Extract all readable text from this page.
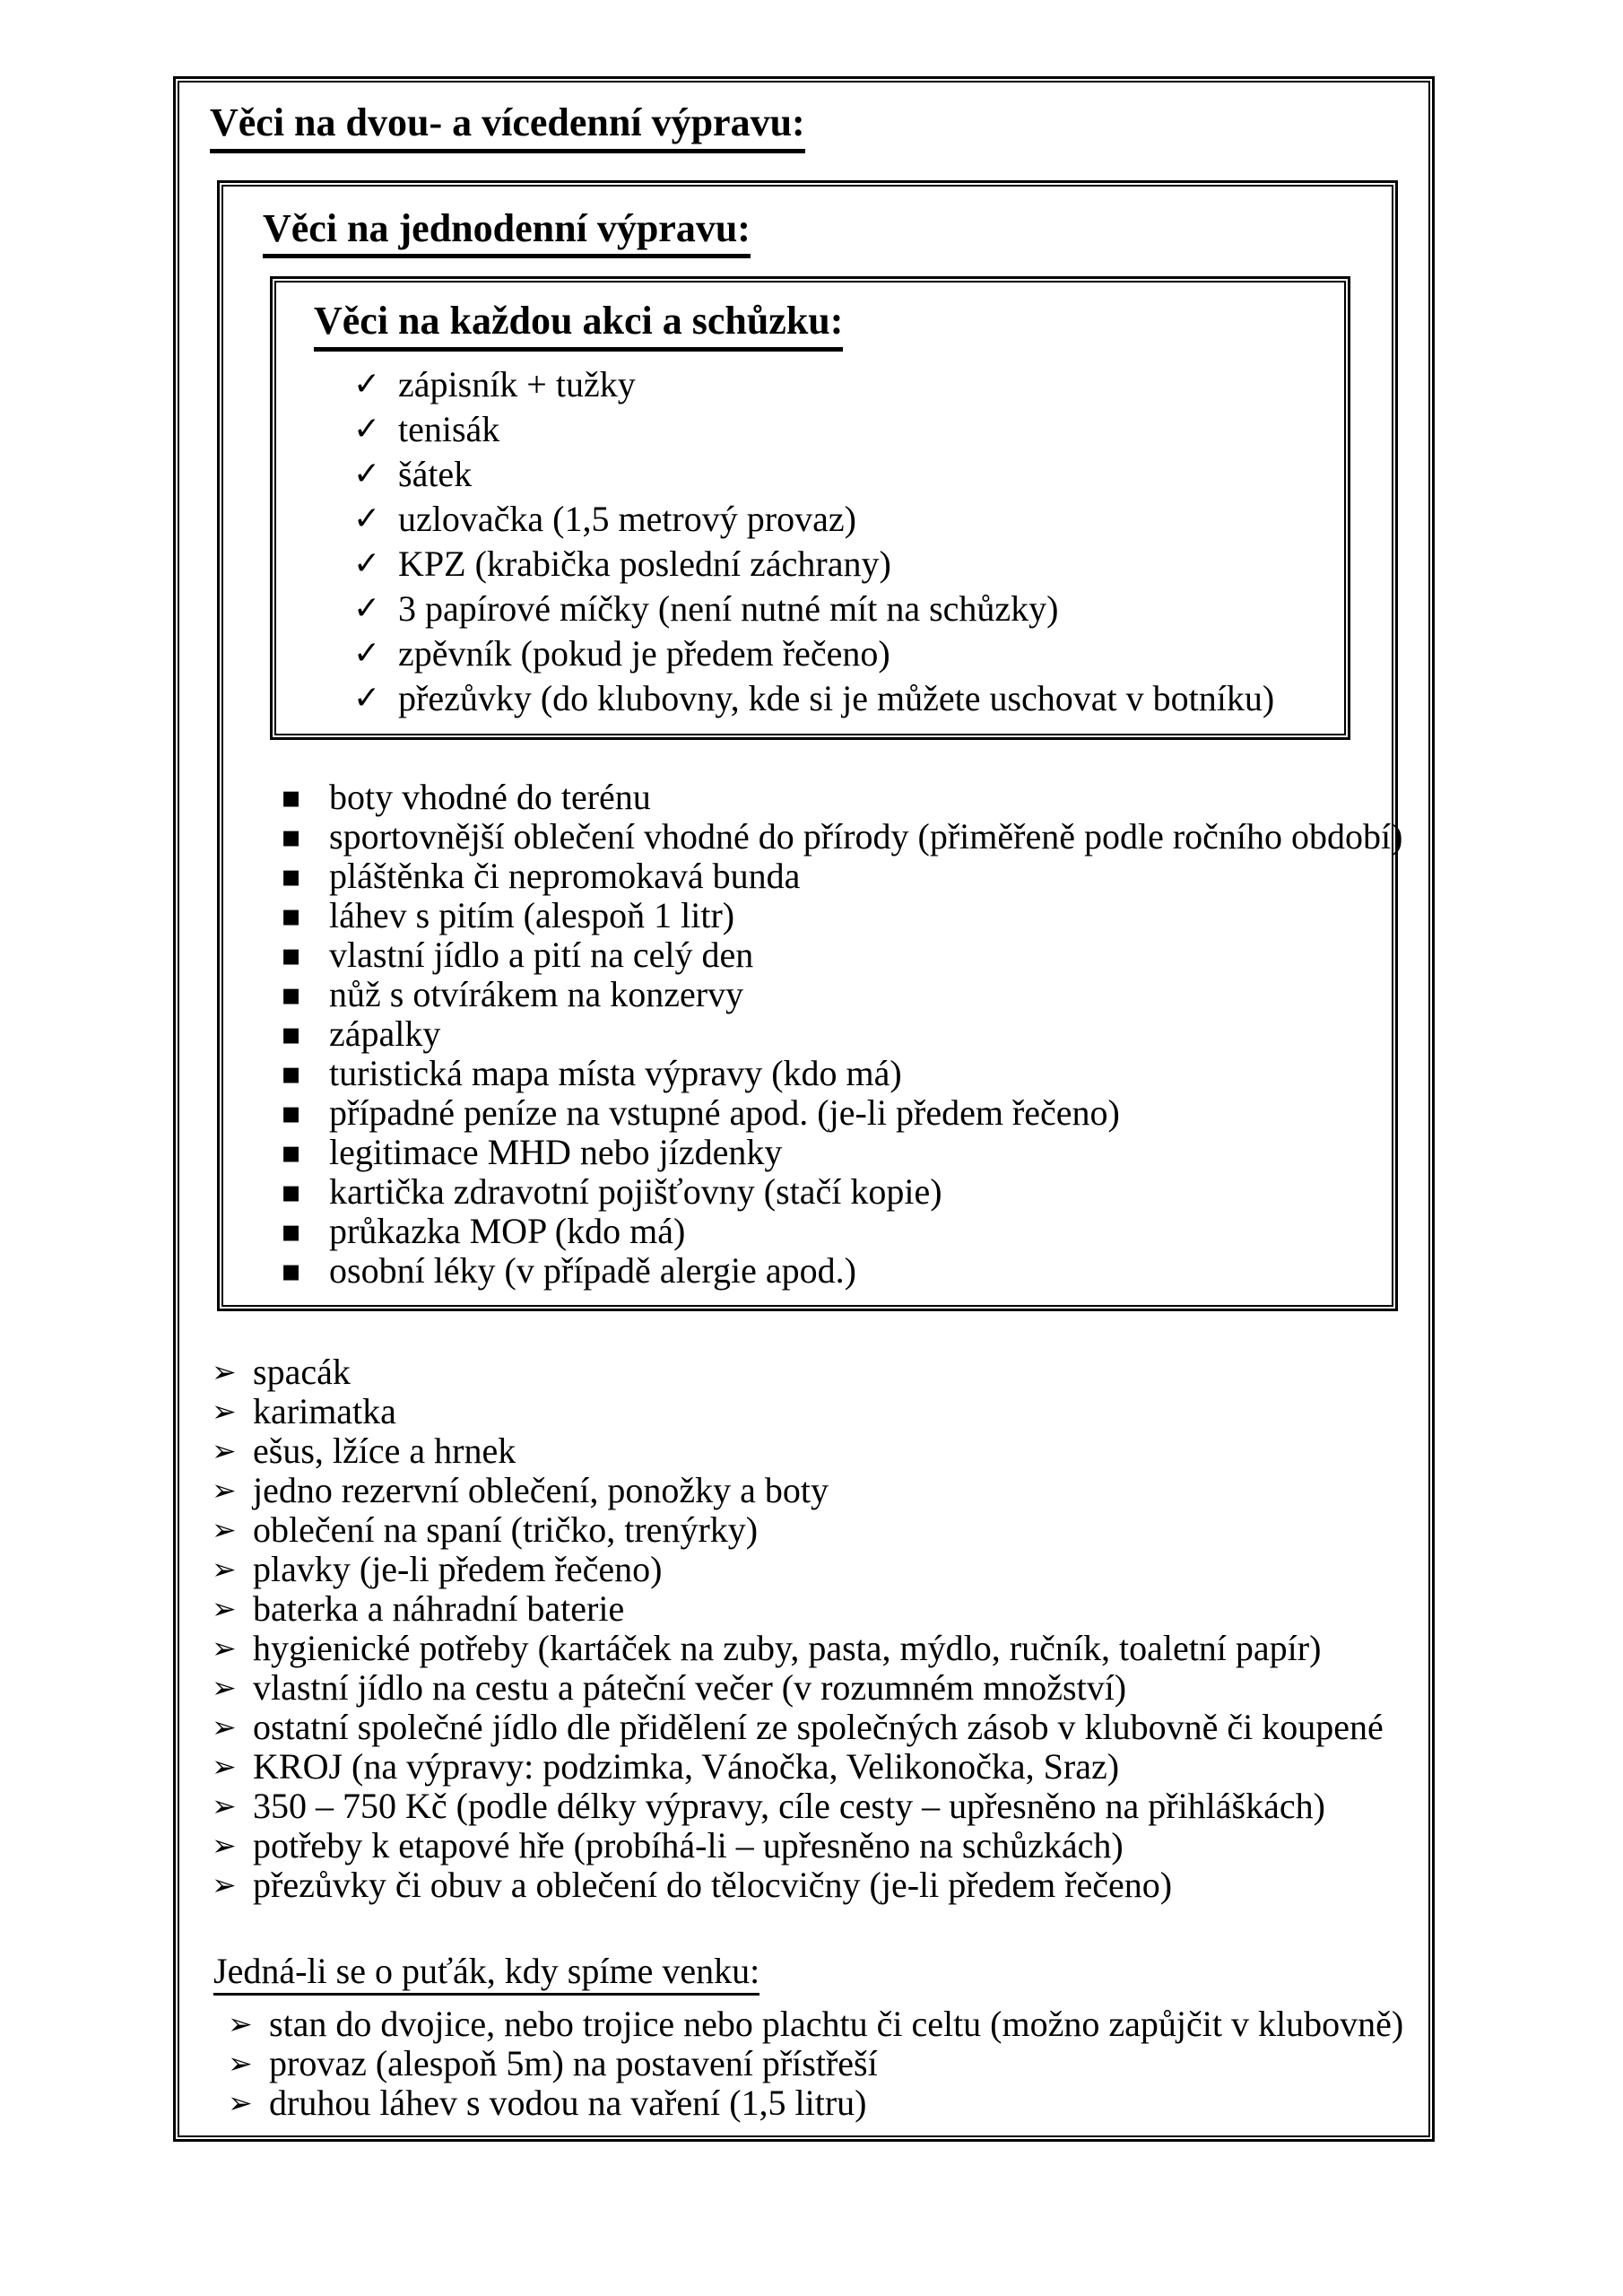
Věci na dvou- a vícedenní výpravu:
Věci na jednodenní výpravu:
Věci na každou akci a schůzku:
✓ zápisník + tužky
✓ tenisák
✓ šátek
✓ uzlovačka (1,5 metrový provaz)
✓ KPZ (krabička poslední záchrany)
✓ 3 papírové míčky (není nutné mít na schůzky)
✓ zpěvník (pokud je předem řečeno)
✓ přezůvky (do klubovny, kde si je můžete uschovat v botníku)
▪ boty vhodné do terénu
▪ sportovnější oblečení vhodné do přírody (přiměřeně podle ročního období)
▪ pláštěnka či nepromokavá bunda
▪ láhev s pitím (alespoň 1 litr)
▪ vlastní jídlo a pití na celý den
▪ nůž s otvírákem na konzervy
▪ zápalky
▪ turistická mapa místa výpravy (kdo má)
▪ případné peníze na vstupné apod. (je-li předem řečeno)
▪ legitimace MHD nebo jízdenky
▪ kartička zdravotní pojišťovny (stačí kopie)
▪ průkazka MOP (kdo má)
▪ osobní léky (v případě alergie apod.)
➢ spacák
➢ karimatka
➢ ešus, lžíce a hrnek
➢ jedno rezervní oblečení, ponožky a boty
➢ oblečení na spaní (tričko, trenýrky)
➢ plavky (je-li předem řečeno)
➢ baterka a náhradní baterie
➢ hygienické potřeby (kartáček na zuby, pasta, mýdlo, ručník, toaletní papír)
➢ vlastní jídlo na cestu a páteční večer (v rozumném množství)
➢ ostatní společné jídlo dle přidělení ze společných zásob v klubovně či koupené
➢ KROJ (na výpravy: podzimka, Vánočka, Velikonočka, Sraz)
➢ 350 – 750 Kč (podle délky výpravy, cíle cesty – upřesněno na přihláškách)
➢ potřeby k etapové hře (probíhá-li – upřesněno na schůzkách)
➢ přezůvky či obuv a oblečení do tělocvičny (je-li předem řečeno)
Jedná-li se o puťák, kdy spíme venku:
➢ stan do dvojice, nebo trojice nebo plachtu či celtu (možno zapůjčit v klubovně)
➢ provaz (alespoň 5m) na postavení přístřeší
➢ druhou láhev s vodou na vaření (1,5 litru)
